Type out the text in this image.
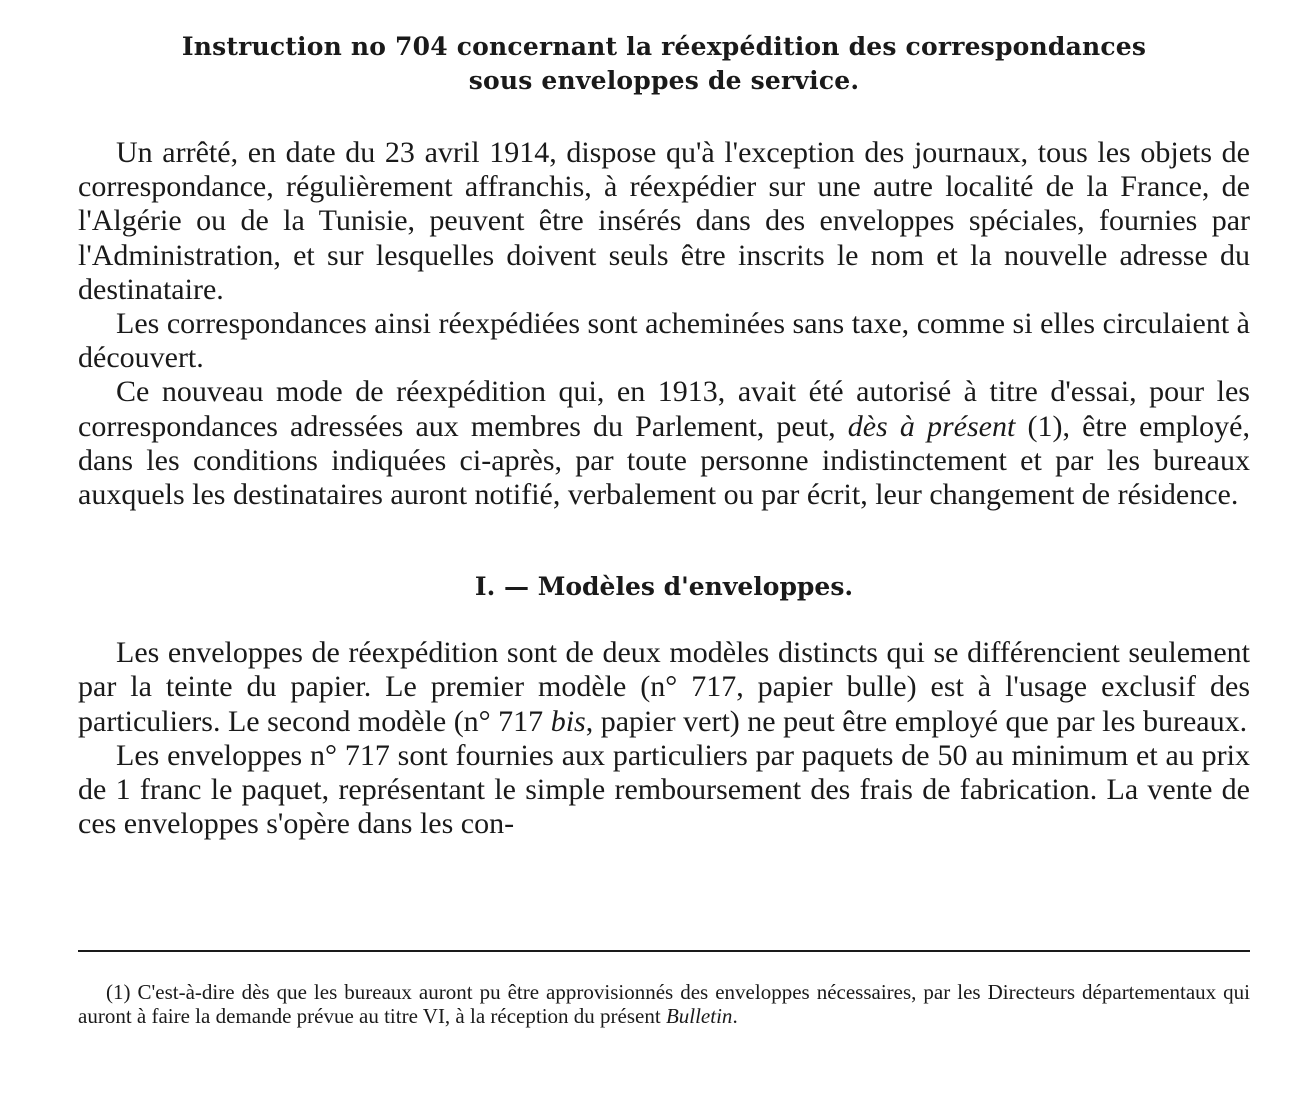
Instruction no 704 concernant la réexpédition des correspondances
sous enveloppes de service.

Un arrêté, en date du 23 avril 1914, dispose qu'à l'exception des journaux, tous les objets de correspondance, régulièrement affranchis, à réexpédier sur une autre localité de la France, de l'Algérie ou de la Tunisie, peuvent être insérés dans des enveloppes spéciales, fournies par l'Administration, et sur lesquelles doivent seuls être inscrits le nom et la nouvelle adresse du destinataire.

Les correspondances ainsi réexpédiées sont acheminées sans taxe, comme si elles circulaient à découvert.

Ce nouveau mode de réexpédition qui, en 1913, avait été autorisé à titre d'essai, pour les correspondances adressées aux membres du Parlement, peut, dès à présent (1), être employé, dans les conditions indiquées ci-après, par toute personne indistinctement et par les bureaux auxquels les destinataires auront notifié, verbalement ou par écrit, leur changement de résidence.

I. — Modèles d'enveloppes.

Les enveloppes de réexpédition sont de deux modèles distincts qui se différencient seulement par la teinte du papier. Le premier modèle (n° 717, papier bulle) est à l'usage exclusif des particuliers. Le second modèle (n° 717 bis, papier vert) ne peut être employé que par les bureaux.

Les enveloppes n° 717 sont fournies aux particuliers par paquets de 50 au minimum et au prix de 1 franc le paquet, représentant le simple remboursement des frais de fabrication. La vente de ces enveloppes s'opère dans les con-

(1) C'est-à-dire dès que les bureaux auront pu être approvisionnés des enveloppes nécessaires, par les Directeurs départementaux qui auront à faire la demande prévue au titre VI, à la réception du présent Bulletin.
